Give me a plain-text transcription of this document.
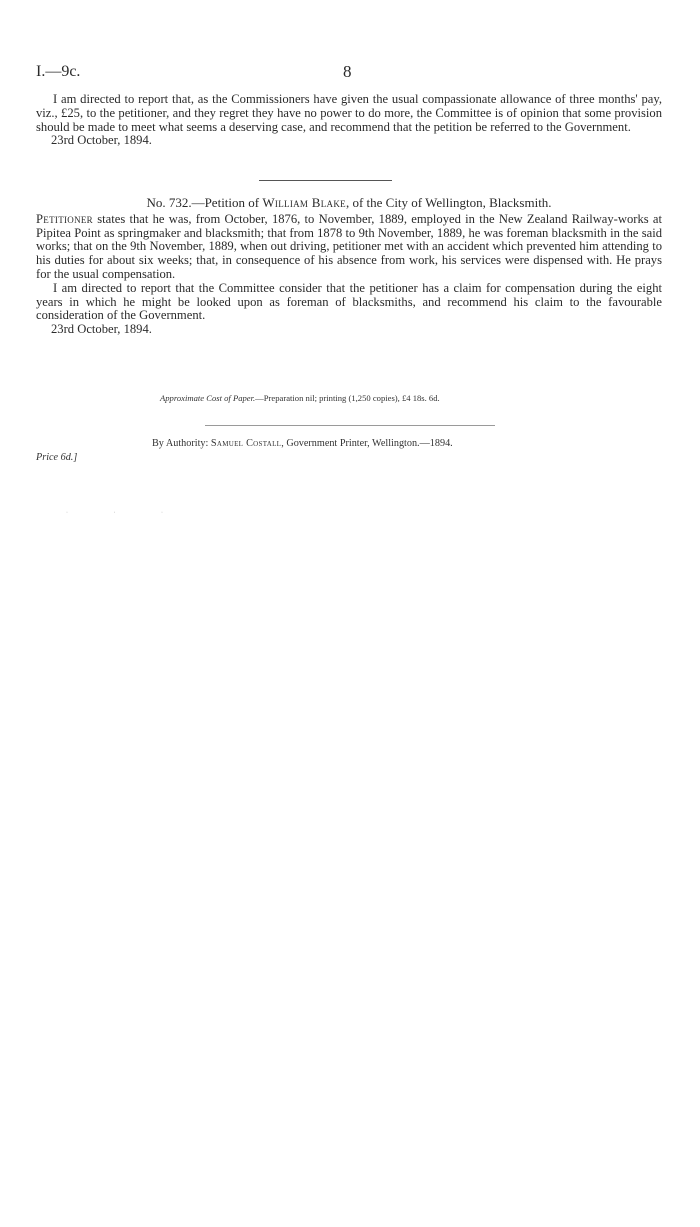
I.—9c.	8

I am directed to report that, as the Commissioners have given the usual compassionate allowance of three months' pay, viz., £25, to the petitioner, and they regret they have no power to do more, the Committee is of opinion that some provision should be made to meet what seems a deserving case, and recommend that the petition be referred to the Government.

23rd October, 1894.

No. 732.—Petition of William Blake, of the City of Wellington, Blacksmith.

Petitioner states that he was, from October, 1876, to November, 1889, employed in the New Zealand Railway-works at Pipitea Point as springmaker and blacksmith; that from 1878 to 9th November, 1889, he was foreman blacksmith in the said works; that on the 9th November, 1889, when out driving, petitioner met with an accident which prevented him attending to his duties for about six weeks; that, in consequence of his absence from work, his services were dispensed with. He prays for the usual compensation.

I am directed to report that the Committee consider that the petitioner has a claim for compensation during the eight years in which he might be looked upon as foreman of blacksmiths, and recommend his claim to the favourable consideration of the Government.

23rd October, 1894.

Approximate Cost of Paper.—Preparation nil; printing (1,250 copies), £4 18s. 6d.
By Authority: Samuel Costall, Government Printer, Wellington.—1894.
Price 6d.]
· · ·
